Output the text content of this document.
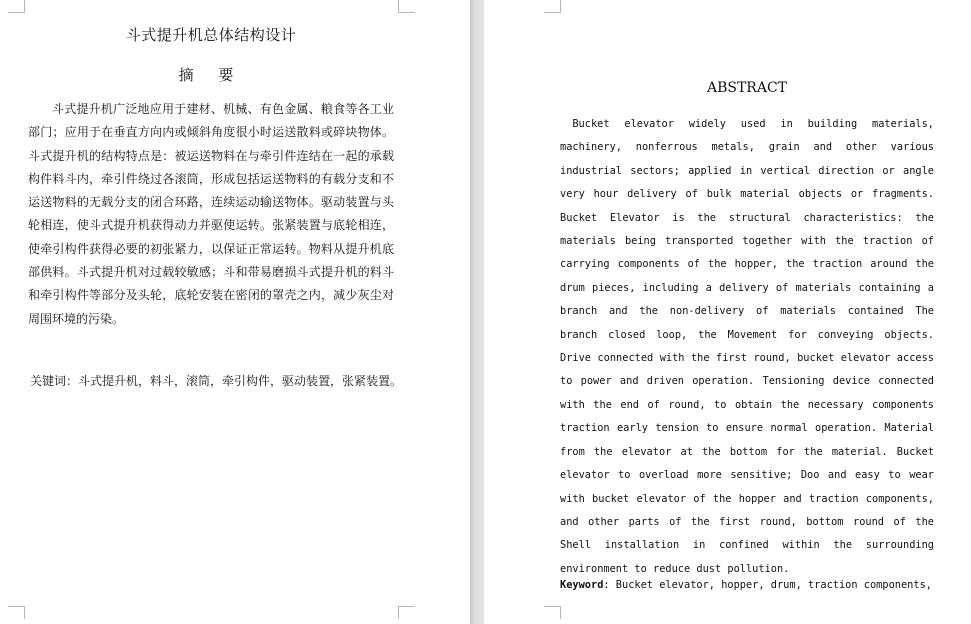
斗式提升机总体结构设计
摘 要

斗式提升机广泛地应用于建材、机械、有色金属、粮食等各工业部门；应用于在垂直方向内或倾斜角度很小时运送散料或碎块物体。斗式提升机的结构特点是：被运送物料在与牵引件连结在一起的承载构件料斗内，牵引件绕过各滚筒，形成包括运送物料的有载分支和不运送物料的无载分支的闭合环路，连续运动输送物体。驱动装置与头轮相连，使斗式提升机获得动力并驱使运转。张紧装置与底轮相连，使牵引构件获得必要的初张紧力，以保证正常运转。物料从提升机底部供料。斗式提升机对过载较敏感；斗和带易磨损斗式提升机的料斗和牵引构件等部分及头轮，底轮安装在密闭的罩壳之内，减少灰尘对周围环境的污染。

关键词：斗式提升机，料斗，滚筒，牵引构件，驱动装置，张紧装置。
ABSTRACT

Bucket elevator widely used in building materials, machinery, nonferrous metals, grain and other various industrial sectors; applied in vertical direction or angle very hour delivery of bulk material objects or fragments. Bucket Elevator is the structural characteristics: the materials being transported together with the traction of carrying components of the hopper, the traction around the drum pieces, including a delivery of materials containing a branch and the non-delivery of materials contained The branch closed loop, the Movement for conveying objects. Drive connected with the first round, bucket elevator access to power and driven operation. Tensioning device connected with the end of round, to obtain the necessary components traction early tension to ensure normal operation. Material from the elevator at the bottom for the material. Bucket elevator to overload more sensitive; Doo and easy to wear with bucket elevator of the hopper and traction components, and other parts of the first round, bottom round of the Shell installation in confined within the surrounding environment to reduce dust pollution.

Keyword: Bucket elevator, hopper, drum, traction components,
